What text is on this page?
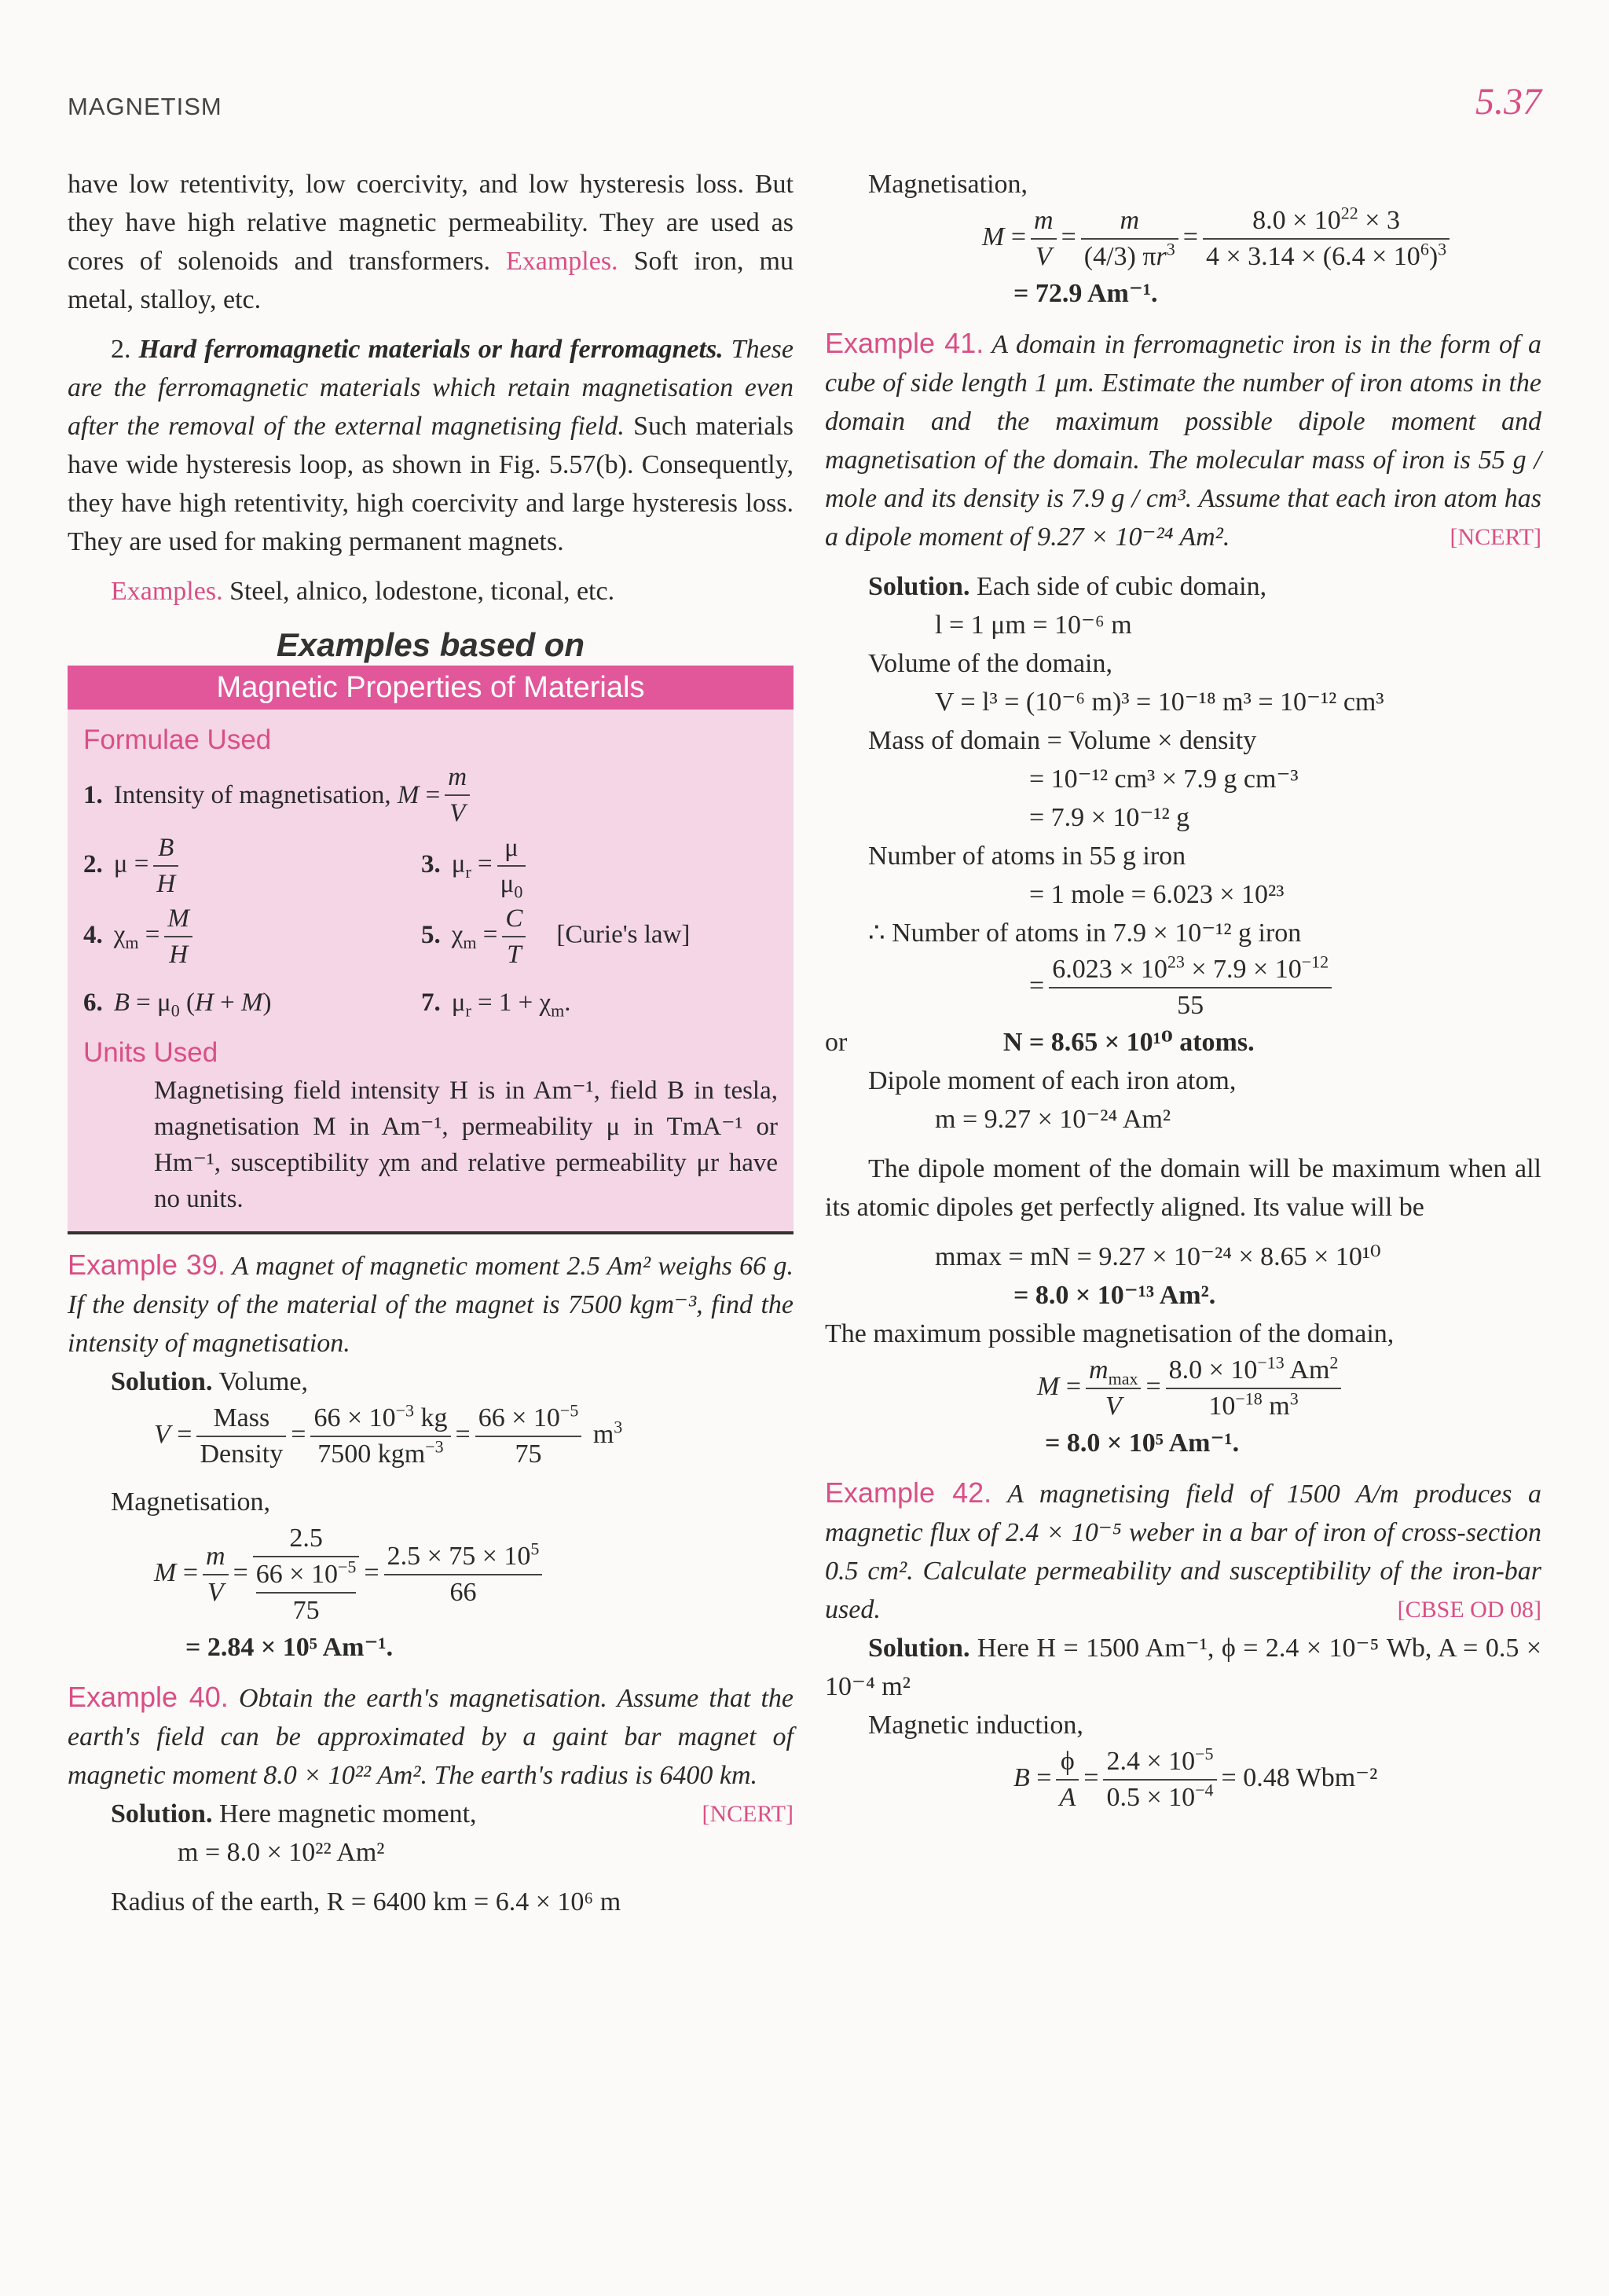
MAGNETISM	5.37

have low retentivity, low coercivity, and low hysteresis loss. But they have high relative magnetic permeability. They are used as cores of solenoids and transformers. Examples. Soft iron, mu metal, stalloy, etc.

2. Hard ferromagnetic materials or hard ferromagnets. These are the ferromagnetic materials which retain magnetisation even after the removal of the external magnetising field. Such materials have wide hysteresis loop, as shown in Fig. 5.57(b). Consequently, they have high retentivity, high coercivity and large hysteresis loss. They are used for making permanent magnets.

Examples. Steel, alnico, lodestone, ticonal, etc.

Examples based on
Magnetic Properties of Materials
Formulae Used
1. Intensity of magnetisation,
$M = \frac{m}{V}$
2. $\mu = \frac{B}{H}$	3. $\mu_r = \frac{\mu}{\mu_0}$
4. $\chi_m = \frac{M}{H}$	5. $\chi_m = \frac{C}{T}$ [Curie's law]
6. $B = \mu_0$ (H + M)	7. $\mu_r = 1 + \chi_m$.
Units Used

Magnetising field intensity H is in Am⁻¹, field B in tesla, magnetisation M in Am⁻¹, permeability μ in TmA⁻¹ or Hm⁻¹, susceptibility χm and relative permeability μr have no units.

Example 39. A magnet of magnetic moment 2.5 Am² weighs 66 g. If the density of the material of the magnet is 7500 kgm⁻³, find the intensity of magnetisation.

Solution. Volume,

$V = \frac{\text{Mass}}{\text{Density}} = \frac{66 \times 10^{-3} kg}{7500 kgm^{-3}} = \frac{66 \times 10^{-5}}{75} m^3$

Magnetisation,

$M = \frac{m}{V}$ =
2.5
$66 \times 10^{-5}$
75
= $\frac{2.5 \times 75 \times 10^5}{66}$

= 2.84 × 10⁵ Am⁻¹.

Example 40. Obtain the earth's magnetisation. Assume that the earth's field can be approximated by a gaint bar magnet of magnetic moment 8.0 × 10²² Am². The earth's radius is 6400 km.
[NCERT]

Solution. Here magnetic moment,

m = 8.0 × 10²² Am²

Radius of the earth, R = 6400 km = 6.4 × 10⁶ m

Magnetisation,

$M = \frac{m}{V} = \frac{m}{(4/3) \pi r^3} = \frac{8.0 \times 10^{22} \times 3}{4 \times 3.14 \times (6.4 \times 10^6)^3}$

= 72.9 Am⁻¹.

Example 41. A domain in ferromagnetic iron is in the form of a cube of side length 1 μm. Estimate the number of iron atoms in the domain and the maximum possible dipole moment and magnetisation of the domain. The molecular mass of iron is 55 g / mole and its density is 7.9 g / cm³. Assume that each iron atom has a dipole moment of 9.27 × 10⁻²⁴ Am².	[NCERT]

Solution. Each side of cubic domain,

l = 1 μm = 10⁻⁶ m

Volume of the domain,

V = l³ = (10⁻⁶ m)³ = 10⁻¹⁸ m³ = 10⁻¹² cm³

Mass of domain = Volume × density

= 10⁻¹² cm³ × 7.9 g cm⁻³

= 7.9 × 10⁻¹² g

Number of atoms in 55 g iron

= 1 mole = 6.023 × 10²³

∴ Number of atoms in 7.9 × 10⁻¹² g iron

= $\frac{6.023 \times 10^{23} \times 7.9 \times 10^{-12}}{55}$

or	N = 8.65 × 10¹⁰ atoms.

Dipole moment of each iron atom,

m = 9.27 × 10⁻²⁴ Am²

The dipole moment of the domain will be maximum when all its atomic dipoles get perfectly aligned. Its value will be

mmax = mN = 9.27 × 10⁻²⁴ × 8.65 × 10¹⁰

= 8.0 × 10⁻¹³ Am².

The maximum possible magnetisation of the domain,

$M = \frac{m_{max}}{V} = \frac{8.0 \times 10^{-13} Am^2}{10^{-18} m^3}$

= 8.0 × 10⁵ Am⁻¹.

Example 42. A magnetising field of 1500 A/m produces a magnetic flux of 2.4 × 10⁻⁵ weber in a bar of iron of cross-section 0.5 cm². Calculate permeability and susceptibility of the iron-bar used.	[CBSE OD 08]

Solution. Here H = 1500 Am⁻¹, ϕ = 2.4 × 10⁻⁵ Wb, A = 0.5 × 10⁻⁴ m²

Magnetic induction,

$B = \frac{\phi}{A} = \frac{2.4 \times 10^{-5}}{0.5 \times 10^{-4}} = 0.48$ Wbm⁻²
